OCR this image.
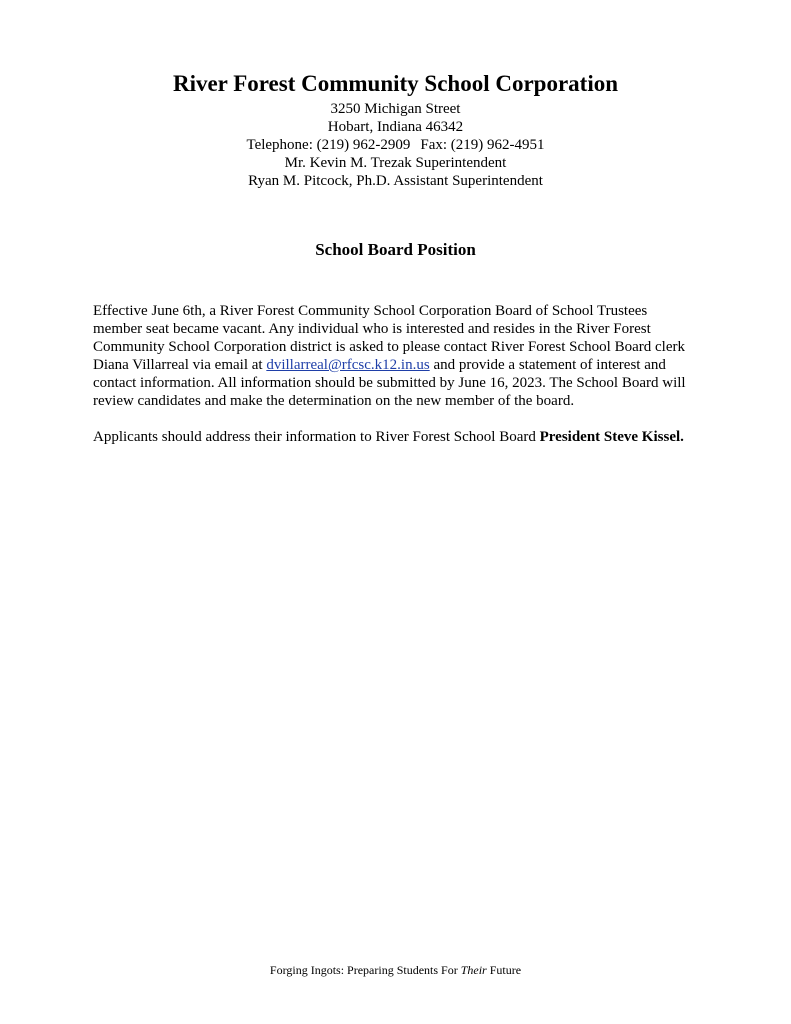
River Forest Community School Corporation
3250 Michigan Street
Hobart, Indiana 46342
Telephone: (219) 962-2909 Fax: (219) 962-4951
Mr. Kevin M. Trezak Superintendent
Ryan M. Pitcock, Ph.D. Assistant Superintendent
School Board Position

Effective June 6th, a River Forest Community School Corporation Board of School Trustees member seat became vacant. Any individual who is interested and resides in the River Forest Community School Corporation district is asked to please contact River Forest School Board clerk Diana Villarreal via email at dvillarreal@rfcsc.k12.in.us and provide a statement of interest and contact information. All information should be submitted by June 16, 2023. The School Board will review candidates and make the determination on the new member of the board.

Applicants should address their information to River Forest School Board President Steve Kissel.

Forging Ingots: Preparing Students For Their Future
